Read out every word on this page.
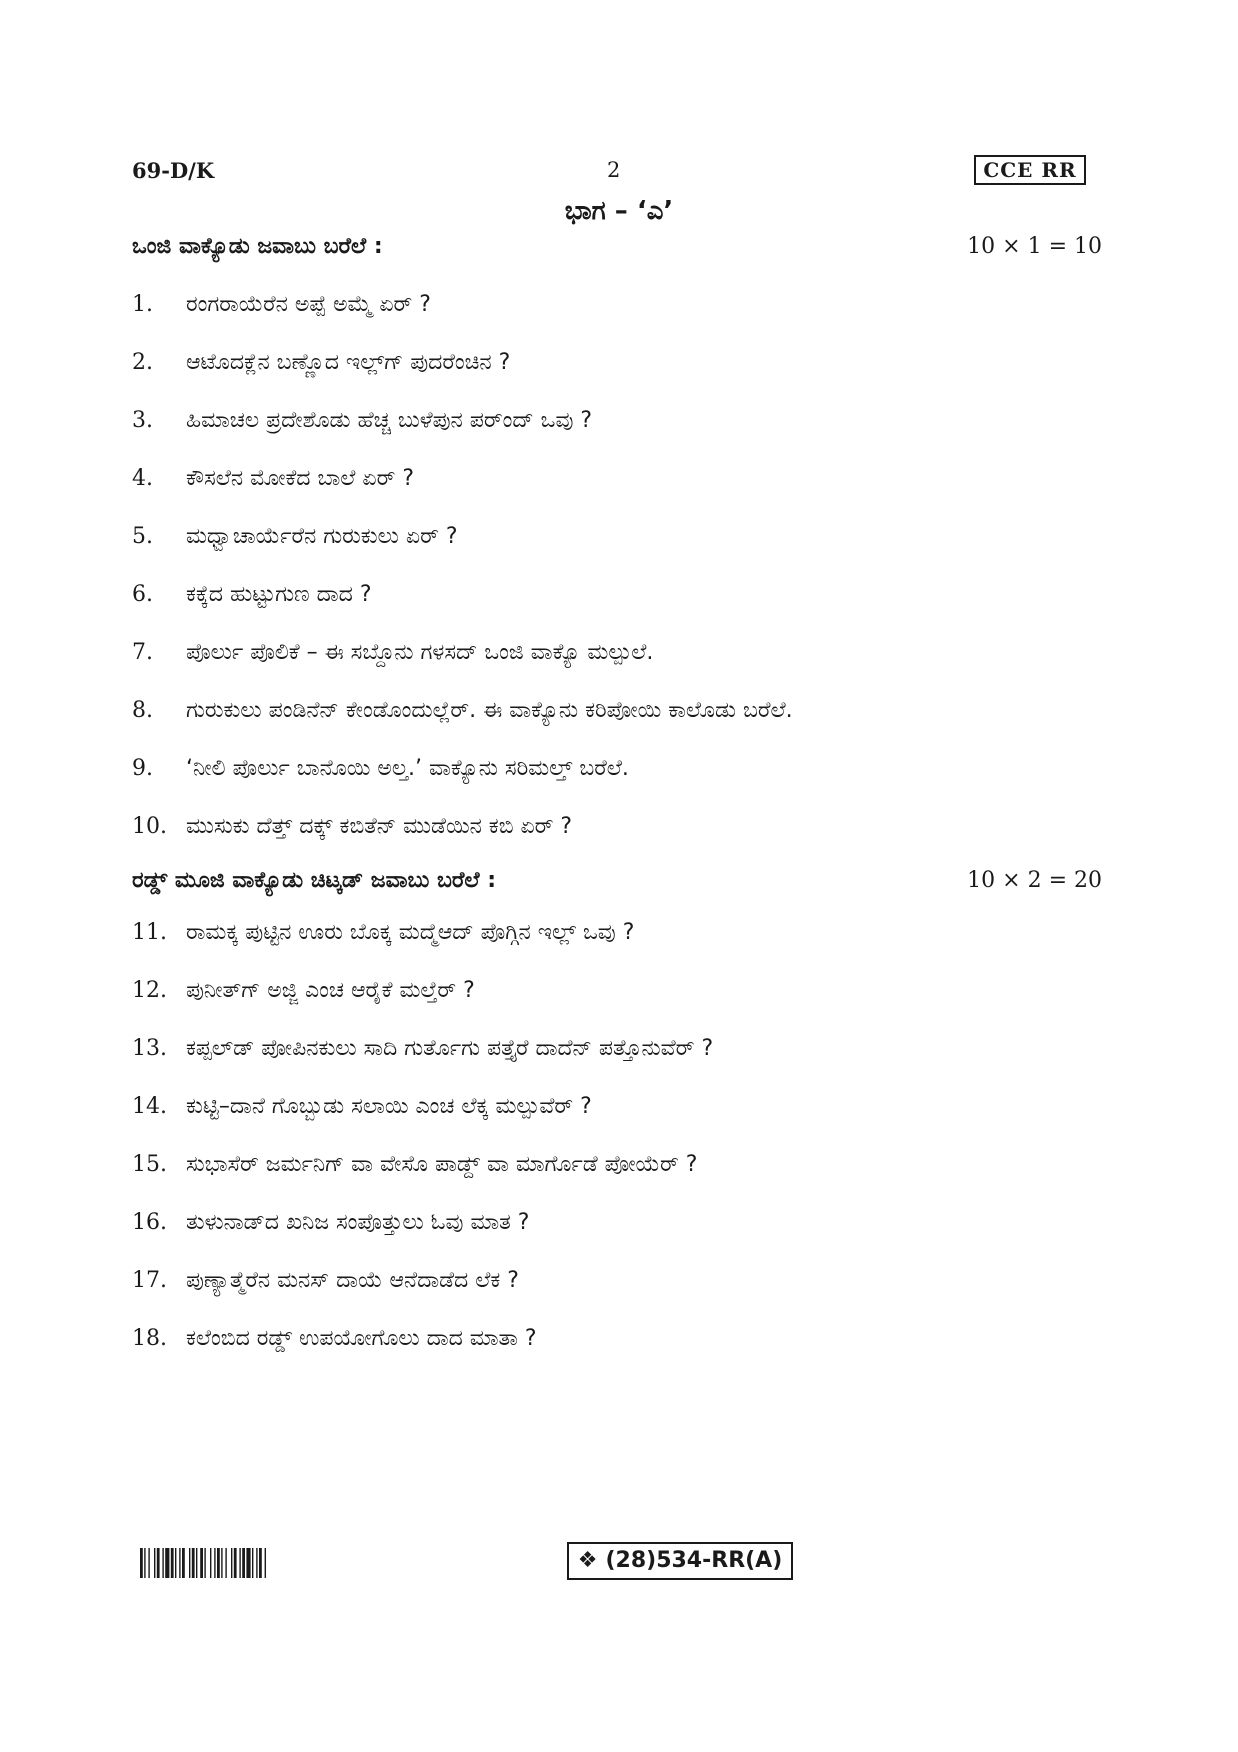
69-D/K	2	CCE RR
ಭಾಗ – ‘ಎ’
ಒಂಜಿ ವಾಕ್ಯೊಡು ಜವಾಬು ಬರೆಲೆ :	10 × 1 = 10
1. ರಂಗರಾಯೆರೆನ ಅಪ್ಪೆ ಅಮ್ಮೆ ಏರ್ ?
2. ಆಟೊದಕ್ಲೆನ ಬಣ್ಣೊದ ಇಲ್ಲ್‌ಗ್ ಪುದರೆಂಚಿನ ?
3. ಹಿಮಾಚಲ ಪ್ರದೇಶೊಡು ಹೆಚ್ಚ ಬುಳೆಪುನ ಪರ್‌ಂದ್ ಒವು ?
4. ಕೌಸಲೆನ ಮೋಕೆದ ಬಾಲೆ ಏರ್ ?
5. ಮಧ್ವಾಚಾರ್ಯೆರೆನ ಗುರುಕುಲು ಏರ್ ?
6. ಕಕ್ಕೆದ ಹುಟ್ಟುಗುಣ ದಾದ ?
7. ಪೊರ್ಲು ಪೊಲಿಕೆ – ಈ ಸಬ್ದೊನು ಗಳಸದ್ ಒಂಜಿ ವಾಕ್ಯೊ ಮಲ್ಪುಲೆ.
8. ಗುರುಕುಲು ಪಂಡಿನೆನ್ ಕೇಂಡೊಂದುಲ್ಲೆರ್. ಈ ವಾಕ್ಯೊನು ಕರಿಪೋಯಿ ಕಾಲೊಡು ಬರೆಲೆ.
9. ‘ನೀಲಿ ಪೊರ್ಲು ಬಾನೊಯಿ ಅಲ್ತ.’ ವಾಕ್ಯೊನು ಸರಿಮಲ್ತ್ ಬರೆಲೆ.
10. ಮುಸುಕು ದೆತ್ತ್ ದಕ್ಕ್ ಕಬಿತೆನ್ ಮುಡೆಯಿನ ಕಬಿ ಏರ್ ?
ರಡ್ಡ್ ಮೂಜಿ ವಾಕ್ಯೊಡು ಚಿಟ್ಕಡ್ ಜವಾಬು ಬರೆಲೆ :	10 × 2 = 20
11. ರಾಮಕ್ಕ ಪುಟ್ಟಿನ ಊರು ಬೊಕ್ಕ ಮದ್ಮೆಆದ್ ಪೊಗ್ಗಿನ ಇಲ್ಲ್ ಒವು ?
12. ಪುನೀತ್‌ಗ್ ಅಜ್ಜಿ ಎಂಚ ಆರೈಕೆ ಮಲ್ತೆರ್ ?
13. ಕಪ್ಪಲ್‌ಡ್ ಪೋಪಿನಕುಲು ಸಾದಿ ಗುರ್ತೊಗು ಪತ್ತೈರೆ ದಾದೆನ್ ಪತ್ತೊನುವೆರ್ ?
14. ಕುಟ್ಟಿ–ದಾನೆ ಗೊಬ್ಬುಡು ಸಲಾಯಿ ಎಂಚ ಲೆಕ್ಕ ಮಲ್ಪುವೆರ್ ?
15. ಸುಭಾಸೆರ್ ಜರ್ಮನಿಗ್ ವಾ ವೇಸೊ ಪಾಡ್ದ್ ವಾ ಮಾರ್ಗೊಡೆ ಪೋಯೆರ್ ?
16. ತುಳುನಾಡ್‌ದ ಖನಿಜ ಸಂಪೊತ್ತುಲು ಓವು ಮಾತ ?
17. ಪುಣ್ಯಾತ್ಮೆರೆನ ಮನಸ್ ದಾಯೆ ಆನೆದಾಡೆದ ಲೆಕ ?
18. ಕಲೆಂಬಿದ ರಡ್ಡ್ ಉಪಯೋಗೊಲು ದಾದ ಮಾತಾ ?
❖ (28)534-RR(A)
